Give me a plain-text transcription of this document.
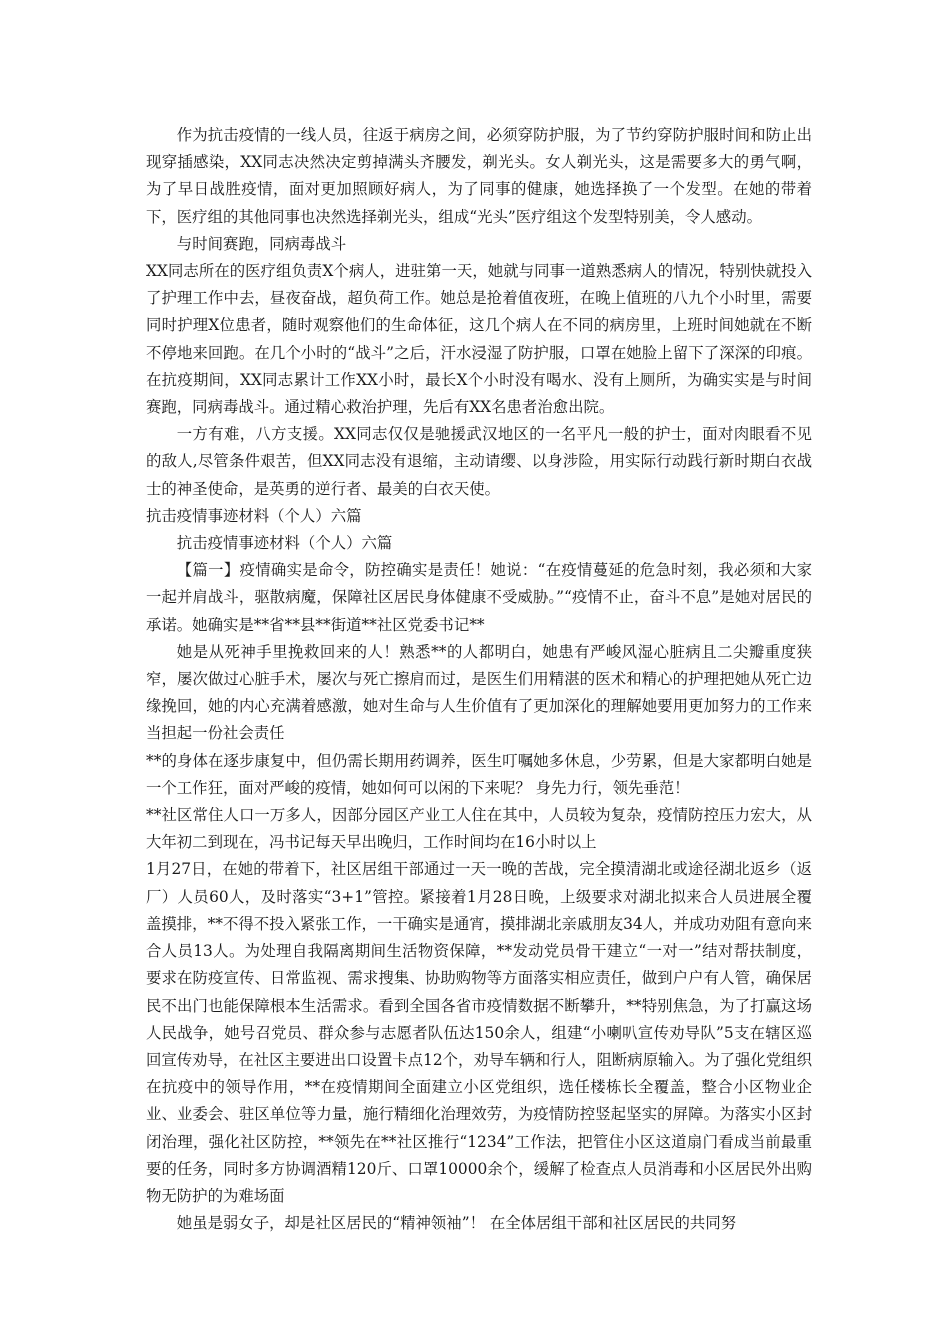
作为抗击疫情的一线人员，往返于病房之间，必须穿防护服，为了节约穿防护服时间和防止出现穿插感染，XX同志决然决定剪掉满头齐腰发，剃光头。女人剃光头，这是需要多大的勇气啊，为了早日战胜疫情，面对更加照顾好病人，为了同事的健康，她选择换了一个发型。在她的带着下，医疗组的其他同事也决然选择剃光头，组成“光头”医疗组这个发型特别美，令人感动。

与时间赛跑，同病毒战斗

XX同志所在的医疗组负责X个病人，进驻第一天，她就与同事一道熟悉病人的情况，特别快就投入了护理工作中去，昼夜奋战，超负荷工作。她总是抢着值夜班，在晚上值班的八九个小时里，需要同时护理X位患者，随时观察他们的生命体征，这几个病人在不同的病房里，上班时间她就在不断不停地来回跑。在几个小时的“战斗”之后，汗水浸湿了防护服，口罩在她脸上留下了深深的印痕。在抗疫期间，XX同志累计工作XX小时，最长X个小时没有喝水、没有上厕所，为确实实是与时间赛跑，同病毒战斗。通过精心救治护理，先后有XX名患者治愈出院。

一方有难，八方支援。XX同志仅仅是驰援武汉地区的一名平凡一般的护士，面对肉眼看不见的敌人,尽管条件艰苦，但XX同志没有退缩，主动请缨、以身涉险，用实际行动践行新时期白衣战士的神圣使命，是英勇的逆行者、最美的白衣天使。

抗击疫情事迹材料（个人）六篇

抗击疫情事迹材料（个人）六篇

【篇一】疫情确实是命令，防控确实是责任！她说：“在疫情蔓延的危急时刻，我必须和大家一起并肩战斗，驱散病魔，保障社区居民身体健康不受威胁。”“疫情不止，奋斗不息”是她对居民的承诺。她确实是**省**县**街道**社区党委书记**

她是从死神手里挽救回来的人！熟悉**的人都明白，她患有严峻风湿心脏病且二尖瓣重度狭窄，屡次做过心脏手术，屡次与死亡擦肩而过，是医生们用精湛的医术和精心的护理把她从死亡边缘挽回，她的内心充满着感激，她对生命与人生价值有了更加深化的理解她要用更加努力的工作来当担起一份社会责任

**的身体在逐步康复中，但仍需长期用药调养，医生叮嘱她多休息，少劳累，但是大家都明白她是一个工作狂，面对严峻的疫情，她如何可以闲的下来呢？ 身先力行，领先垂范！

**社区常住人口一万多人，因部分园区产业工人住在其中，人员较为复杂，疫情防控压力宏大，从大年初二到现在，冯书记每天早出晚归，工作时间均在16小时以上

1月27日，在她的带着下，社区居组干部通过一天一晚的苦战，完全摸清湖北或途径湖北返乡（返厂）人员60人，及时落实“3+1”管控。紧接着1月28日晚，上级要求对湖北拟来合人员进展全覆盖摸排，**不得不投入紧张工作，一干确实是通宵，摸排湖北亲戚朋友34人，并成功劝阻有意向来合人员13人。为处理自我隔离期间生活物资保障，**发动党员骨干建立“一对一”结对帮扶制度，要求在防疫宣传、日常监视、需求搜集、协助购物等方面落实相应责任，做到户户有人管，确保居民不出门也能保障根本生活需求。看到全国各省市疫情数据不断攀升，**特别焦急，为了打赢这场人民战争，她号召党员、群众参与志愿者队伍达150余人，组建“小喇叭宣传劝导队”5支在辖区巡回宣传劝导，在社区主要进出口设置卡点12个，劝导车辆和行人，阻断病原输入。为了强化党组织在抗疫中的领导作用，**在疫情期间全面建立小区党组织，选任楼栋长全覆盖，整合小区物业企业、业委会、驻区单位等力量，施行精细化治理效劳，为疫情防控竖起坚实的屏障。为落实小区封闭治理，强化社区防控，**领先在**社区推行“1234”工作法，把管住小区这道扇门看成当前最重要的任务，同时多方协调酒精120斤、口罩10000余个，缓解了检查点人员消毒和小区居民外出购物无防护的为难场面

她虽是弱女子，却是社区居民的“精神领袖”！ 在全体居组干部和社区居民的共同努
